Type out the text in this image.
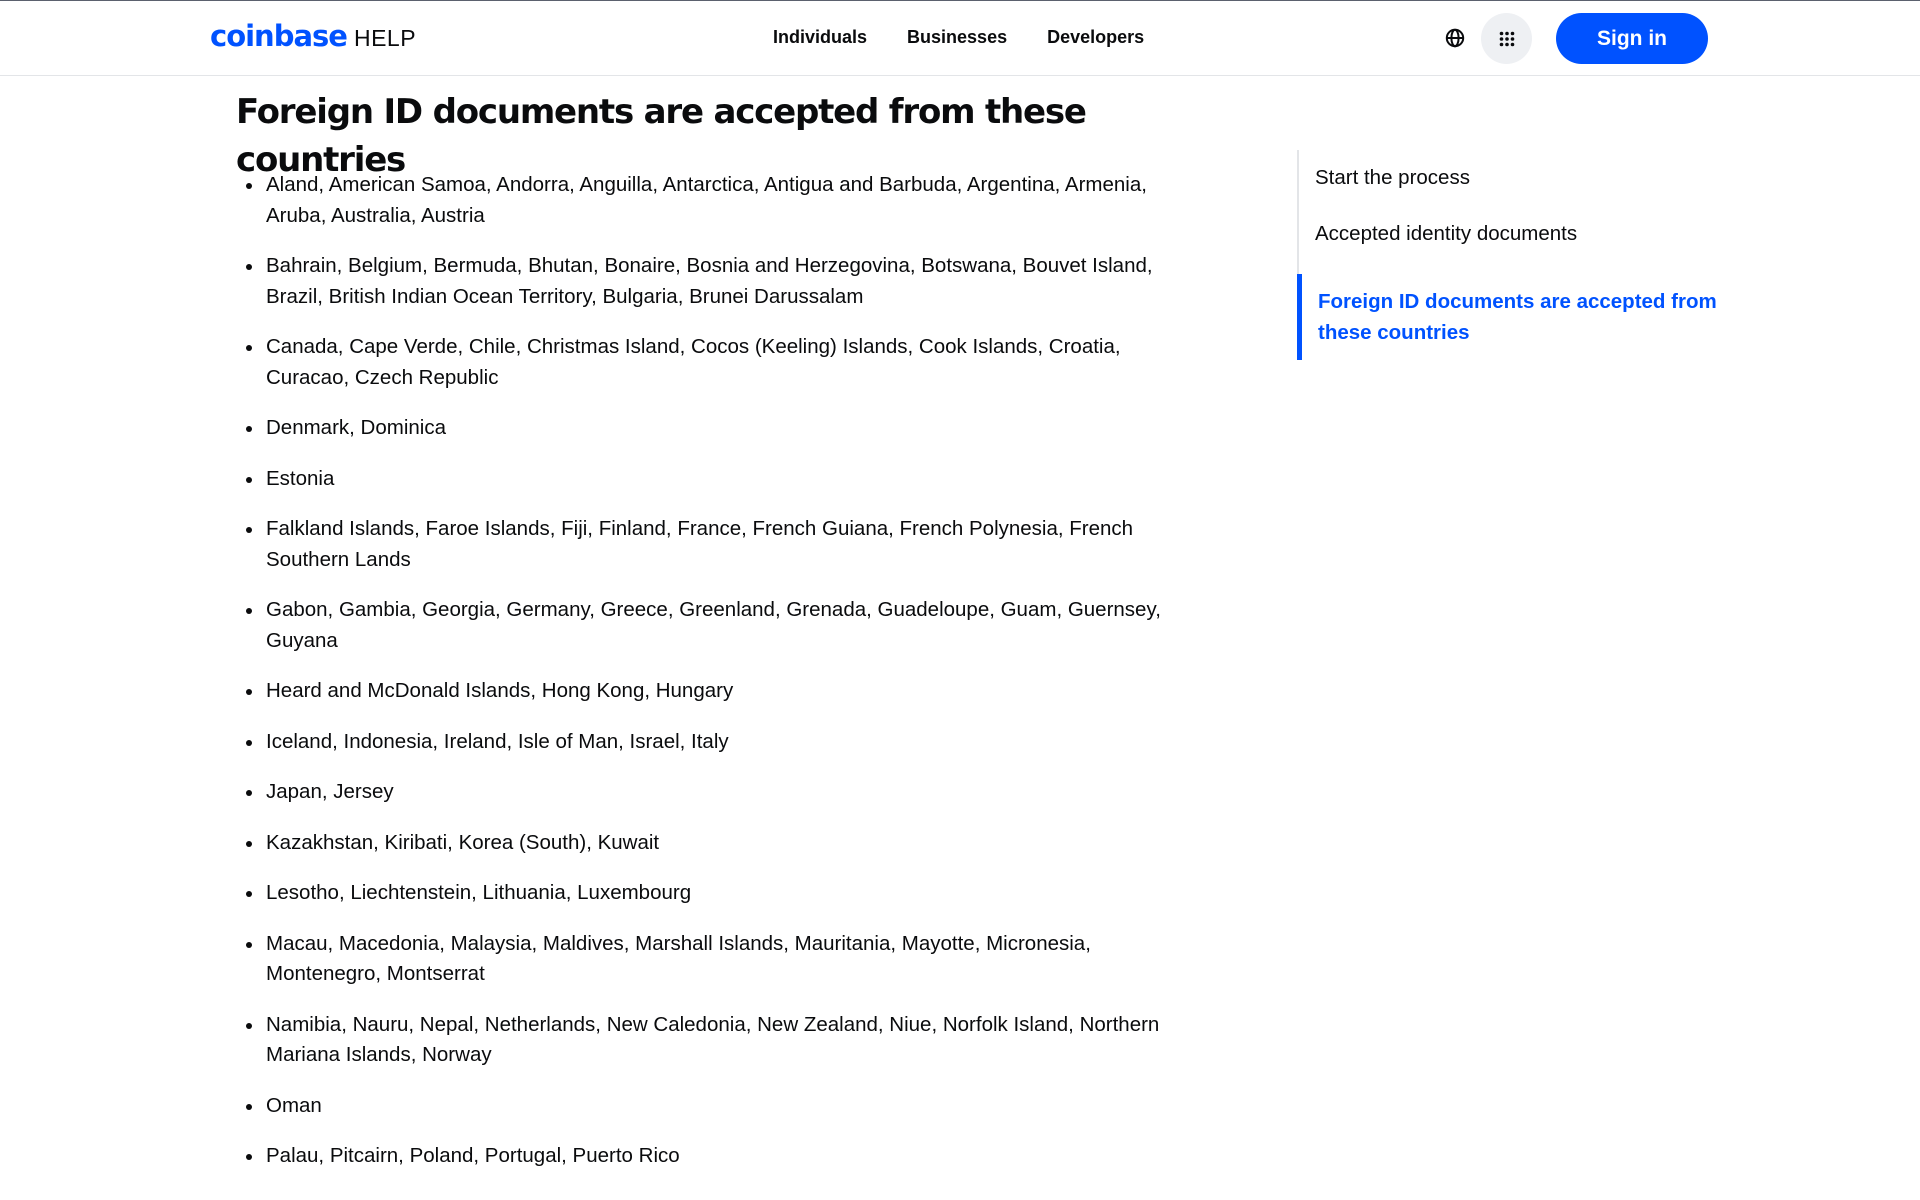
coinbase HELP	Individuals Businesses Developers	Sign in
Foreign ID documents are accepted from these countries
Aland, American Samoa, Andorra, Anguilla, Antarctica, Antigua and Barbuda, Argentina, Armenia, Aruba, Australia, Austria
Bahrain, Belgium, Bermuda, Bhutan, Bonaire, Bosnia and Herzegovina, Botswana, Bouvet Island, Brazil, British Indian Ocean Territory, Bulgaria, Brunei Darussalam
Canada, Cape Verde, Chile, Christmas Island, Cocos (Keeling) Islands, Cook Islands, Croatia, Curacao, Czech Republic
Denmark, Dominica
Estonia
Falkland Islands, Faroe Islands, Fiji, Finland, France, French Guiana, French Polynesia, French Southern Lands
Gabon, Gambia, Georgia, Germany, Greece, Greenland, Grenada, Guadeloupe, Guam, Guernsey, Guyana
Heard and McDonald Islands, Hong Kong, Hungary
Iceland, Indonesia, Ireland, Isle of Man, Israel, Italy
Japan, Jersey
Kazakhstan, Kiribati, Korea (South), Kuwait
Lesotho, Liechtenstein, Lithuania, Luxembourg
Macau, Macedonia, Malaysia, Maldives, Marshall Islands, Mauritania, Mayotte, Micronesia, Montenegro, Montserrat
Namibia, Nauru, Nepal, Netherlands, New Caledonia, New Zealand, Niue, Norfolk Island, Northern Mariana Islands, Norway
Oman
Palau, Pitcairn, Poland, Portugal, Puerto Rico
Start the process
Accepted identity documents
Foreign ID documents are accepted from these countries
